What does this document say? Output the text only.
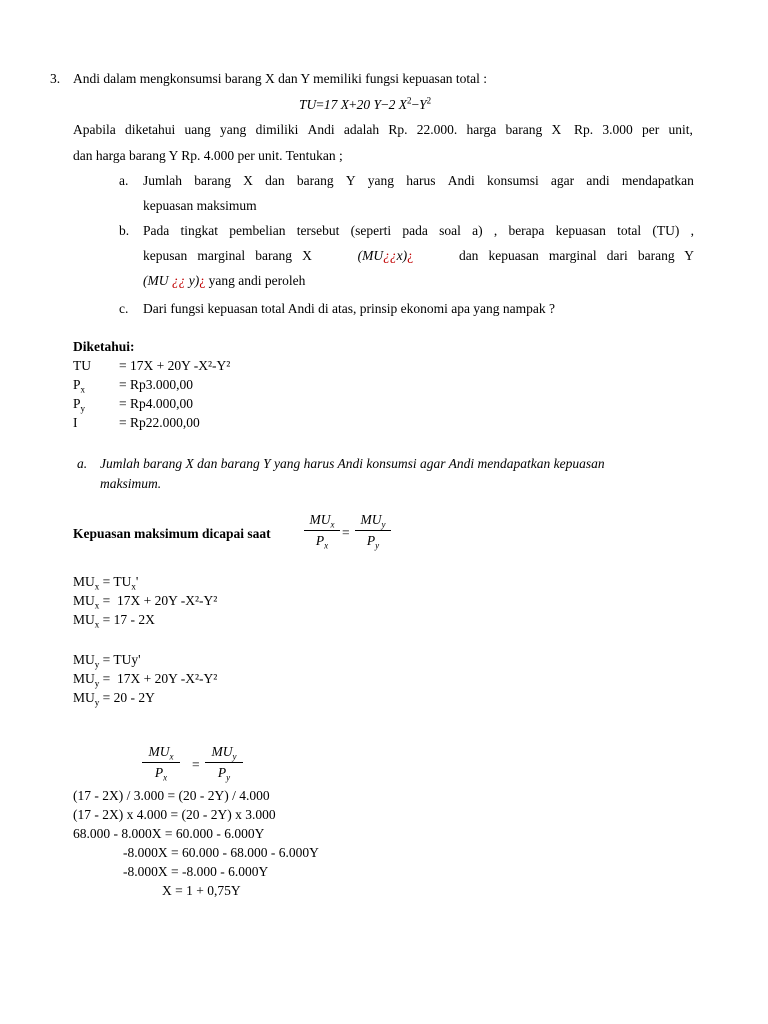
3. Andi dalam mengkonsumsi barang X dan Y memiliki fungsi kepuasan total :
TU=17 X+20 Y−2 $X^2-Y^2$
Apabila diketahui uang yang dimiliki Andi adalah Rp. 22.000. harga barang X Rp. 3.000 per unit,
dan harga barang Y Rp. 4.000 per unit. Tentukan ;
a. Jumlah barang X dan barang Y yang harus Andi konsumsi agar andi mendapatkan
kepuasan maksimum
b. Pada tingkat pembelian tersebut (seperti pada soal a) , berapa kepuasan total (TU) ,
kepusan   marginal   barang   X	(MU¿¿x)¿	dan   kepuasan   marginal   dari   barang   Y
(MU ¿¿ y)¿ yang andi peroleh
c. Dari fungsi kepuasan total Andi di atas, prinsip ekonomi apa yang nampak ?
Diketahui:
TU = 17X + 20Y -X²-Y²
$P_x$	= Rp3.000,00
$P_y$	= Rp4.000,00
I	= Rp22.000,00
a. Jumlah barang X dan barang Y yang harus Andi konsumsi agar Andi mendapatkan kepuasan
maksimum.
Kepuasan maksimum dicapai saat
$MU_x$
$P_x$
=
$MU_y$
$P_y$
$MU_x = TU_x'$
$MU_x = 17X + 20Y$ -X²-Y²
$MU_x = 17 - 2X$
$MU_y = TUy'$
$MU_y = 17X + 20Y$ -X²-Y²
$MU_y = 20 - 2Y$
$MU_x$
$P_x$
=
$MU_y$
$P_y$
(17 - 2X) / 3.000 = (20 - 2Y) / 4.000
(17 - 2X) x 4.000 = (20 - 2Y) x 3.000
68.000 - 8.000X = 60.000 - 6.000Y
-8.000X = 60.000 - 68.000 - 6.000Y
-8.000X = -8.000 - 6.000Y
X = 1 + 0,75Y
